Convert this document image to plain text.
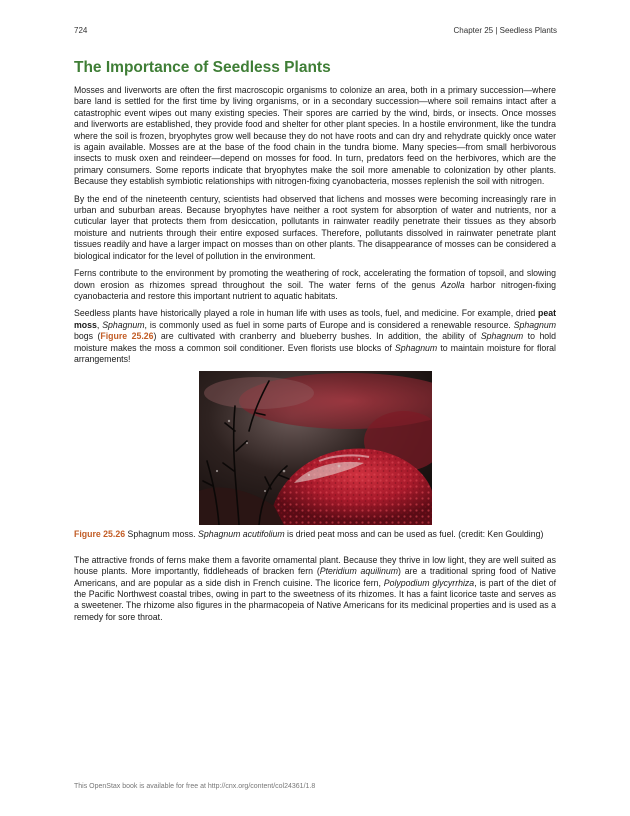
724	Chapter 25 | Seedless Plants
The Importance of Seedless Plants

Mosses and liverworts are often the first macroscopic organisms to colonize an area, both in a primary succession—where bare land is settled for the first time by living organisms, or in a secondary succession—where soil remains intact after a catastrophic event wipes out many existing species. Their spores are carried by the wind, birds, or insects. Once mosses and liverworts are established, they provide food and shelter for other plant species. In a hostile environment, like the tundra where the soil is frozen, bryophytes grow well because they do not have roots and can dry and rehydrate quickly once water is again available. Mosses are at the base of the food chain in the tundra biome. Many species—from small herbivorous insects to musk oxen and reindeer—depend on mosses for food. In turn, predators feed on the herbivores, which are the primary consumers. Some reports indicate that bryophytes make the soil more amenable to colonization by other plants. Because they establish symbiotic relationships with nitrogen-fixing cyanobacteria, mosses replenish the soil with nitrogen.

By the end of the nineteenth century, scientists had observed that lichens and mosses were becoming increasingly rare in urban and suburban areas. Because bryophytes have neither a root system for absorption of water and nutrients, nor a cuticular layer that protects them from desiccation, pollutants in rainwater readily penetrate their tissues as they absorb moisture and nutrients through their entire exposed surfaces. Therefore, pollutants dissolved in rainwater penetrate plant tissues readily and have a larger impact on mosses than on other plants. The disappearance of mosses can be considered a biological indicator for the level of pollution in the environment.

Ferns contribute to the environment by promoting the weathering of rock, accelerating the formation of topsoil, and slowing down erosion as rhizomes spread throughout the soil. The water ferns of the genus Azolla harbor nitrogen-fixing cyanobacteria and restore this important nutrient to aquatic habitats.

Seedless plants have historically played a role in human life with uses as tools, fuel, and medicine. For example, dried peat moss, Sphagnum, is commonly used as fuel in some parts of Europe and is considered a renewable resource. Sphagnum bogs (Figure 25.26) are cultivated with cranberry and blueberry bushes. In addition, the ability of Sphagnum to hold moisture makes the moss a common soil conditioner. Even florists use blocks of Sphagnum to maintain moisture for floral arrangements!

Figure 25.26 Sphagnum moss. Sphagnum acutifolium is dried peat moss and can be used as fuel. (credit: Ken Goulding)

The attractive fronds of ferns make them a favorite ornamental plant. Because they thrive in low light, they are well suited as house plants. More importantly, fiddleheads of bracken fern (Pteridium aquilinum) are a traditional spring food of Native Americans, and are popular as a side dish in French cuisine. The licorice fern, Polypodium glycyrrhiza, is part of the diet of the Pacific Northwest coastal tribes, owing in part to the sweetness of its rhizomes. It has a faint licorice taste and serves as a sweetener. The rhizome also figures in the pharmacopeia of Native Americans for its medicinal properties and is used as a remedy for sore throat.

This OpenStax book is available for free at http://cnx.org/content/col24361/1.8
